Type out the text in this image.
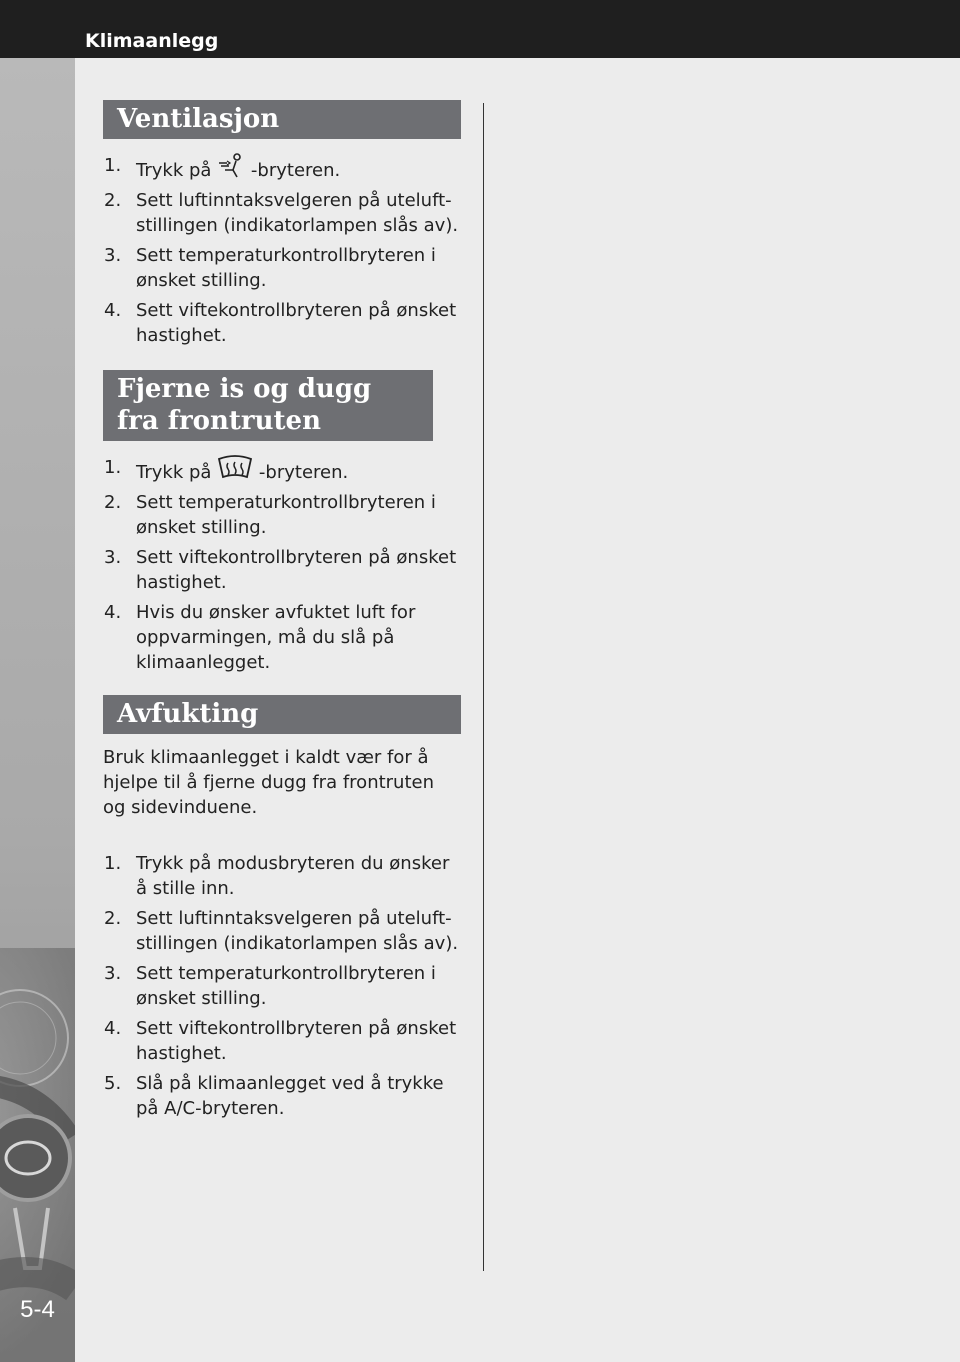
Klimaanlegg
5-4
Ventilasjon
1. Trykk på -bryteren.
2. Sett luftinntaksvelgeren på uteluft-stillingen (indikatorlampen slås av).
3. Sett temperaturkontrollbryteren i ønsket stilling.
4. Sett viftekontrollbryteren på ønsket hastighet.
Fjerne is og dugg fra frontruten
1. Trykk på	-bryteren.
2. Sett temperaturkontrollbryteren i ønsket stilling.
3. Sett viftekontrollbryteren på ønsket hastighet.
4. Hvis du ønsker avfuktet luft for oppvarmingen, må du slå på klimaanlegget.
Avfukting

Bruk klimaanlegget i kaldt vær for å hjelpe til å fjerne dugg fra frontruten og sidevinduene.

1. Trykk på modusbryteren du ønsker å stille inn.
2. Sett luftinntaksvelgeren på uteluft-stillingen (indikatorlampen slås av).
3. Sett temperaturkontrollbryteren i ønsket stilling.
4. Sett viftekontrollbryteren på ønsket hastighet.
5. Slå på klimaanlegget ved å trykke på A/C-bryteren.
